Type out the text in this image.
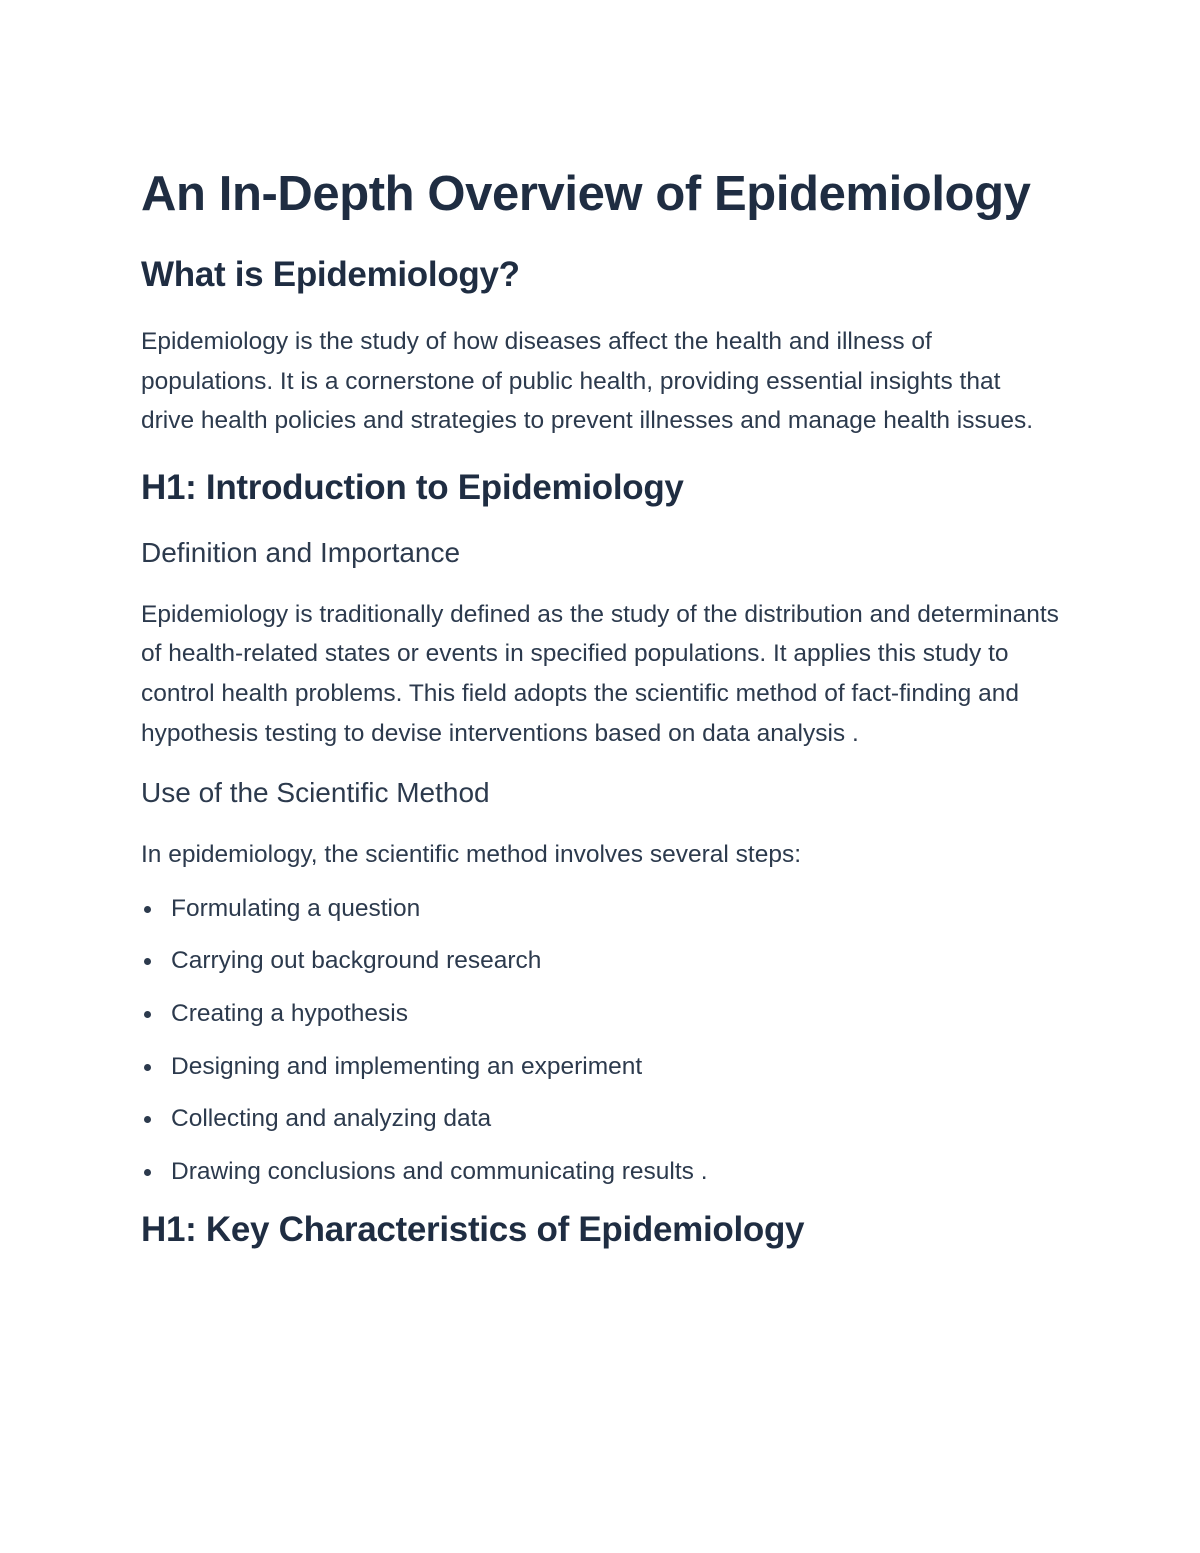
An In-Depth Overview of Epidemiology
What is Epidemiology?

Epidemiology is the study of how diseases affect the health and illness of populations. It is a cornerstone of public health, providing essential insights that drive health policies and strategies to prevent illnesses and manage health issues.

H1: Introduction to Epidemiology
Definition and Importance

Epidemiology is traditionally defined as the study of the distribution and determinants of health-related states or events in specified populations. It applies this study to control health problems. This field adopts the scientific method of fact-finding and hypothesis testing to devise interventions based on data analysis .

Use of the Scientific Method

In epidemiology, the scientific method involves several steps:

Formulating a question
Carrying out background research
Creating a hypothesis
Designing and implementing an experiment
Collecting and analyzing data
Drawing conclusions and communicating results .
H1: Key Characteristics of Epidemiology
